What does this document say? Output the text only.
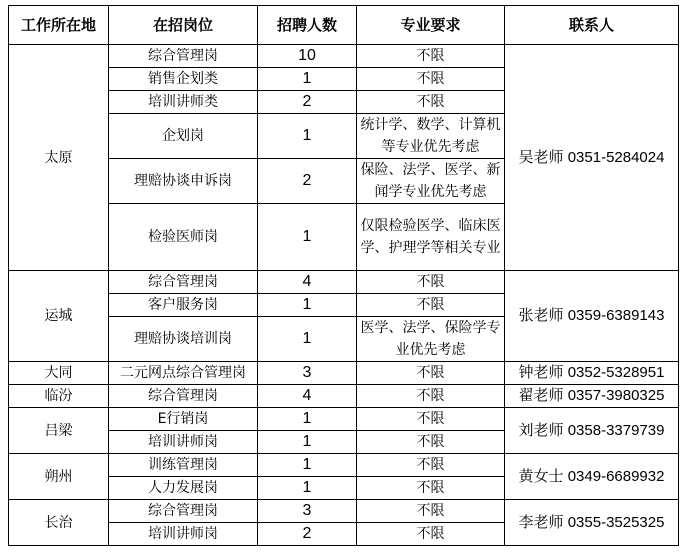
工作所在地	在招岗位	招聘人数	专业要求	联系人
太原	综合管理岗	10	不限	吴老师 0351-5284024
	销售企划类	1	不限	
	培训讲师类	2	不限	
	企划岗	1	统计学、数学、计算机等专业优先考虑	
	理赔协谈申诉岗	2	保险、法学、医学、新闻学专业优先考虑	
	检验医师岗	1	仅限检验医学、临床医学、护理学等相关专业	
运城	综合管理岗	4	不限	张老师 0359-6389143
	客户服务岗	1	不限	
	理赔协谈培训岗	1	医学、法学、保险学专业优先考虑	
大同	二元网点综合管理岗	3	不限	钟老师 0352-5328951
临汾	综合管理岗	4	不限	翟老师 0357-3980325
吕梁	E行销岗	1	不限	刘老师 0358-3379739
	培训讲师岗	1	不限	
朔州	训练管理岗	1	不限	黄女士 0349-6689932
	人力发展岗	1	不限	
长治	综合管理岗	3	不限	李老师 0355-3525325
	培训讲师岗	2	不限	
